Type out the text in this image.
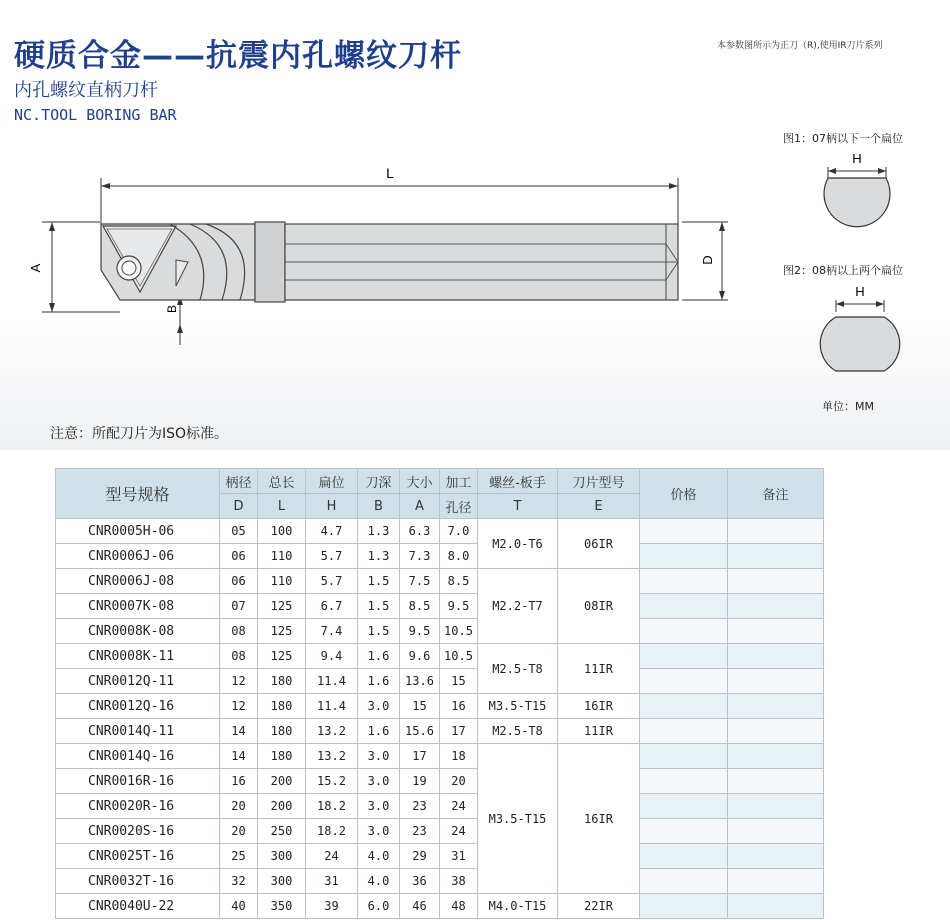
硬质合金——抗震内孔螺纹刀杆
内孔螺纹直柄刀杆
NC.TOOL BORING BAR
本参数图所示为正刀（R),使用IR刀片系列
L
A
B
D
H
H
图1：07柄以下一个扁位
图2：08柄以上两个扁位
单位：MM
注意：所配刀片为ISO标准。
型号规格	柄径	总长	扁位	刀深	大小	加工	螺丝-板手	刀片型号	价格	备注
	D	L	H	B	A	孔径	T	E		
CNR0005H-06	05	100	4.7	1.3	6.3	7.0	M2.0-T6	06IR		
CNR0006J-06	06	110	5.7	1.3	7.3	8.0				
CNR0006J-08	06	110	5.7	1.5	7.5	8.5	M2.2-T7	08IR		
CNR0007K-08	07	125	6.7	1.5	8.5	9.5				
CNR0008K-08	08	125	7.4	1.5	9.5	10.5				
CNR0008K-11	08	125	9.4	1.6	9.6	10.5	M2.5-T8	11IR		
CNR0012Q-11	12	180	11.4	1.6	13.6	15				
CNR0012Q-16	12	180	11.4	3.0	15	16	M3.5-T15	16IR		
CNR0014Q-11	14	180	13.2	1.6	15.6	17	M2.5-T8	11IR		
CNR0014Q-16	14	180	13.2	3.0	17	18	M3.5-T15	16IR		
CNR0016R-16	16	200	15.2	3.0	19	20				
CNR0020R-16	20	200	18.2	3.0	23	24				
CNR0020S-16	20	250	18.2	3.0	23	24				
CNR0025T-16	25	300	24	4.0	29	31				
CNR0032T-16	32	300	31	4.0	36	38				
CNR0040U-22	40	350	39	6.0	46	48	M4.0-T15	22IR		
